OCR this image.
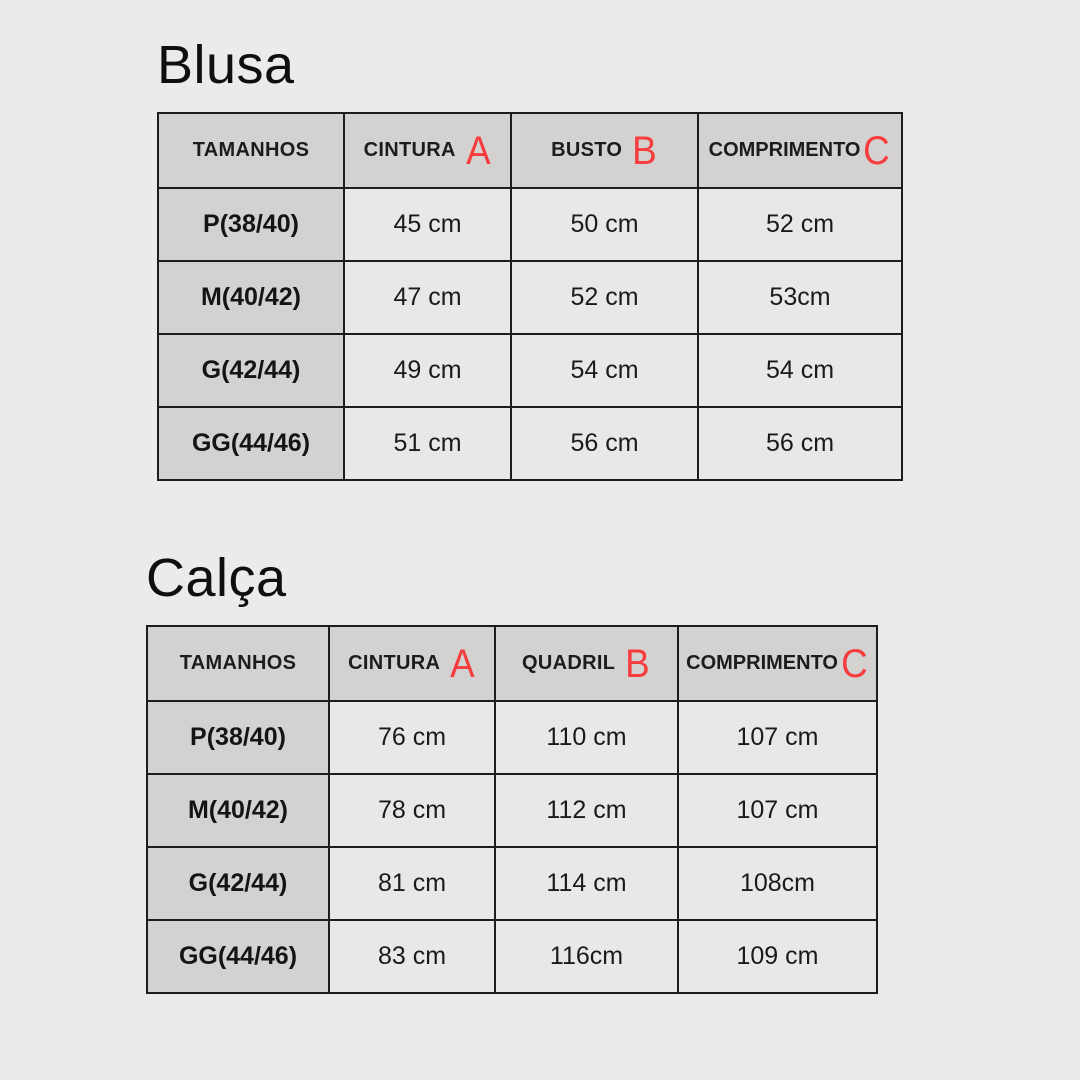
Blusa
TAMANHOS	CINTURA A	BUSTO B	COMPRIMENTO C

P(38/40)	45 cm	50 cm	52 cm
M(40/42)	47 cm	52 cm	53cm
G(42/44)	49 cm	54 cm	54 cm
GG(44/46)	51 cm	56 cm	56 cm
Calça
TAMANHOS	CINTURA A	QUADRIL B	COMPRIMENTO C

P(38/40)	76 cm	110 cm	107 cm
M(40/42)	78 cm	112 cm	107 cm
G(42/44)	81 cm	114 cm	108cm
GG(44/46)	83 cm	116cm	109 cm
